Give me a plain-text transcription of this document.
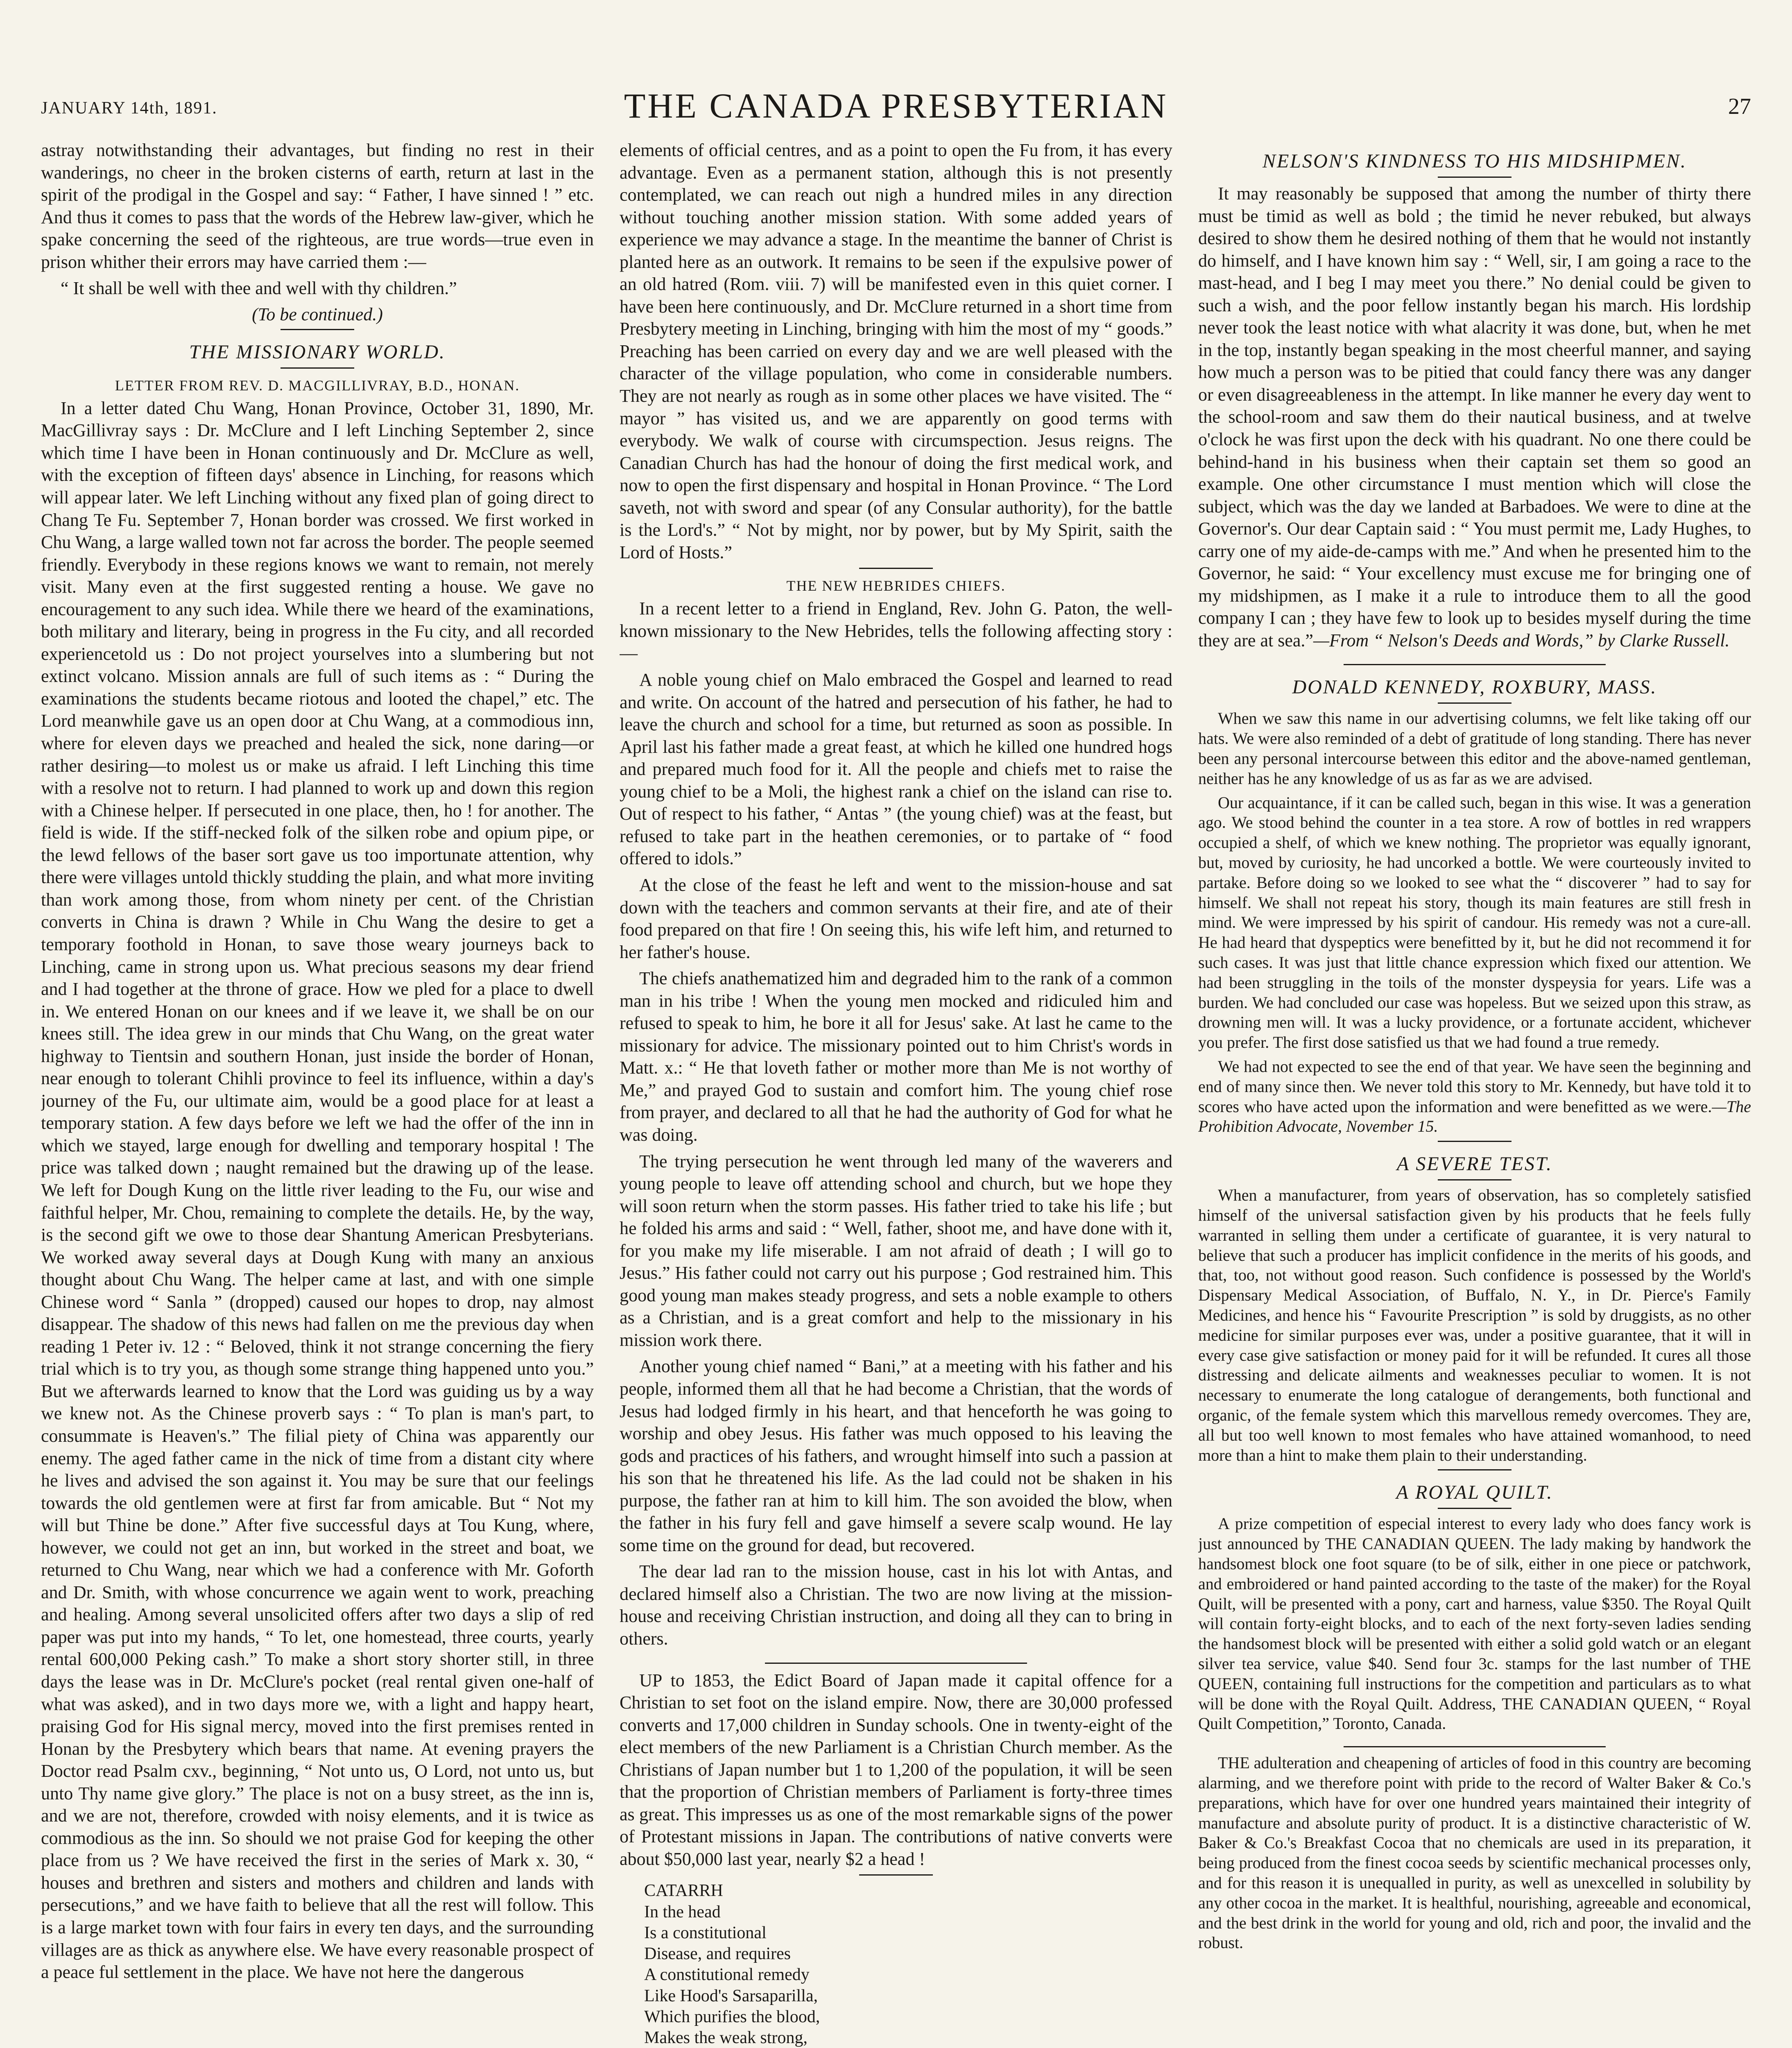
JANUARY 14th, 1891.	THE CANADA PRESBYTERIAN	27

astray notwithstanding their advantages, but finding no rest in their wanderings, no cheer in the broken cisterns of earth, return at last in the spirit of the prodigal in the Gospel and say: “ Father, I have sinned ! ” etc. And thus it comes to pass that the words of the Hebrew law-giver, which he spake concerning the seed of the righteous, are true words—true even in prison whither their errors may have carried them :—

“ It shall be well with thee and well with thy children.”

(To be continued.)
THE MISSIONARY WORLD.
LETTER FROM REV. D. MACGILLIVRAY, B.D., HONAN.

In a letter dated Chu Wang, Honan Province, October 31, 1890, Mr. MacGillivray says : Dr. McClure and I left Linching September 2, since which time I have been in Honan continuously and Dr. McClure as well, with the exception of fifteen days' absence in Linching, for reasons which will appear later. We left Linching without any fixed plan of going direct to Chang Te Fu. September 7, Honan border was crossed. We first worked in Chu Wang, a large walled town not far across the border. The people seemed friendly. Everybody in these regions knows we want to remain, not merely visit. Many even at the first suggested renting a house. We gave no encouragement to any such idea. While there we heard of the examinations, both military and literary, being in progress in the Fu city, and all recorded experiencetold us : Do not project yourselves into a slumbering but not extinct volcano. Mission annals are full of such items as : “ During the examinations the students became riotous and looted the chapel,” etc. The Lord meanwhile gave us an open door at Chu Wang, at a commodious inn, where for eleven days we preached and healed the sick, none daring—or rather desiring—to molest us or make us afraid. I left Linching this time with a resolve not to return. I had planned to work up and down this region with a Chinese helper. If persecuted in one place, then, ho ! for another. The field is wide. If the stiff-necked folk of the silken robe and opium pipe, or the lewd fellows of the baser sort gave us too importunate attention, why there were villages untold thickly studding the plain, and what more inviting than work among those, from whom ninety per cent. of the Christian converts in China is drawn ? While in Chu Wang the desire to get a temporary foothold in Honan, to save those weary journeys back to Linching, came in strong upon us. What precious seasons my dear friend and I had together at the throne of grace. How we pled for a place to dwell in. We entered Honan on our knees and if we leave it, we shall be on our knees still. The idea grew in our minds that Chu Wang, on the great water highway to Tientsin and southern Honan, just inside the border of Honan, near enough to tolerant Chihli province to feel its influence, within a day's journey of the Fu, our ultimate aim, would be a good place for at least a temporary station. A few days before we left we had the offer of the inn in which we stayed, large enough for dwelling and temporary hospital ! The price was talked down ; naught remained but the drawing up of the lease. We left for Dough Kung on the little river leading to the Fu, our wise and faithful helper, Mr. Chou, remaining to complete the details. He, by the way, is the second gift we owe to those dear Shantung American Presbyterians. We worked away several days at Dough Kung with many an anxious thought about Chu Wang. The helper came at last, and with one simple Chinese word “ Sanla ” (dropped) caused our hopes to drop, nay almost disappear. The shadow of this news had fallen on me the previous day when reading 1 Peter iv. 12 : “ Beloved, think it not strange concerning the fiery trial which is to try you, as though some strange thing happened unto you.” But we afterwards learned to know that the Lord was guiding us by a way we knew not. As the Chinese proverb says : “ To plan is man's part, to consummate is Heaven's.” The filial piety of China was apparently our enemy. The aged father came in the nick of time from a distant city where he lives and advised the son against it. You may be sure that our feelings towards the old gentlemen were at first far from amicable. But “ Not my will but Thine be done.” After five successful days at Tou Kung, where, however, we could not get an inn, but worked in the street and boat, we returned to Chu Wang, near which we had a conference with Mr. Goforth and Dr. Smith, with whose concurrence we again went to work, preaching and healing. Among several unsolicited offers after two days a slip of red paper was put into my hands, “ To let, one homestead, three courts, yearly rental 600,000 Peking cash.” To make a short story shorter still, in three days the lease was in Dr. McClure's pocket (real rental given one-half of what was asked), and in two days more we, with a light and happy heart, praising God for His signal mercy, moved into the first premises rented in Honan by the Presbytery which bears that name. At evening prayers the Doctor read Psalm cxv., beginning, “ Not unto us, O Lord, not unto us, but unto Thy name give glory.” The place is not on a busy street, as the inn is, and we are not, therefore, crowded with noisy elements, and it is twice as commodious as the inn. So should we not praise God for keeping the other place from us ? We have received the first in the series of Mark x. 30, “ houses and brethren and sisters and mothers and children and lands with persecutions,” and we have faith to believe that all the rest will follow. This is a large market town with four fairs in every ten days, and the surrounding villages are as thick as anywhere else. We have every reasonable prospect of a peace ful settlement in the place. We have not here the dangerous

elements of official centres, and as a point to open the Fu from, it has every advantage. Even as a permanent station, although this is not presently contemplated, we can reach out nigh a hundred miles in any direction without touching another mission station. With some added years of experience we may advance a stage. In the meantime the banner of Christ is planted here as an outwork. It remains to be seen if the expulsive power of an old hatred (Rom. viii. 7) will be manifested even in this quiet corner. I have been here continuously, and Dr. McClure returned in a short time from Presbytery meeting in Linching, bringing with him the most of my “ goods.” Preaching has been carried on every day and we are well pleased with the character of the village population, who come in considerable numbers. They are not nearly as rough as in some other places we have visited. The “ mayor ” has visited us, and we are apparently on good terms with everybody. We walk of course with circumspection. Jesus reigns. The Canadian Church has had the honour of doing the first medical work, and now to open the first dispensary and hospital in Honan Province. “ The Lord saveth, not with sword and spear (of any Consular authority), for the battle is the Lord's.” “ Not by might, nor by power, but by My Spirit, saith the Lord of Hosts.”

THE NEW HEBRIDES CHIEFS.

In a recent letter to a friend in England, Rev. John G. Paton, the well-known missionary to the New Hebrides, tells the following affecting story :—

A noble young chief on Malo embraced the Gospel and learned to read and write. On account of the hatred and persecution of his father, he had to leave the church and school for a time, but returned as soon as possible. In April last his father made a great feast, at which he killed one hundred hogs and prepared much food for it. All the people and chiefs met to raise the young chief to be a Moli, the highest rank a chief on the island can rise to. Out of respect to his father, “ Antas ” (the young chief) was at the feast, but refused to take part in the heathen ceremonies, or to partake of “ food offered to idols.”

At the close of the feast he left and went to the mission-house and sat down with the teachers and common servants at their fire, and ate of their food prepared on that fire ! On seeing this, his wife left him, and returned to her father's house.

The chiefs anathematized him and degraded him to the rank of a common man in his tribe ! When the young men mocked and ridiculed him and refused to speak to him, he bore it all for Jesus' sake. At last he came to the missionary for advice. The missionary pointed out to him Christ's words in Matt. x.: “ He that loveth father or mother more than Me is not worthy of Me,” and prayed God to sustain and comfort him. The young chief rose from prayer, and declared to all that he had the authority of God for what he was doing.

The trying persecution he went through led many of the waverers and young people to leave off attending school and church, but we hope they will soon return when the storm passes. His father tried to take his life ; but he folded his arms and said : “ Well, father, shoot me, and have done with it, for you make my life miserable. I am not afraid of death ; I will go to Jesus.” His father could not carry out his purpose ; God restrained him. This good young man makes steady progress, and sets a noble example to others as a Christian, and is a great comfort and help to the missionary in his mission work there.

Another young chief named “ Bani,” at a meeting with his father and his people, informed them all that he had become a Christian, that the words of Jesus had lodged firmly in his heart, and that henceforth he was going to worship and obey Jesus. His father was much opposed to his leaving the gods and practices of his fathers, and wrought himself into such a passion at his son that he threatened his life. As the lad could not be shaken in his purpose, the father ran at him to kill him. The son avoided the blow, when the father in his fury fell and gave himself a severe scalp wound. He lay some time on the ground for dead, but recovered.

The dear lad ran to the mission house, cast in his lot with Antas, and declared himself also a Christian. The two are now living at the mission-house and receiving Christian instruction, and doing all they can to bring in others.

UP to 1853, the Edict Board of Japan made it capital offence for a Christian to set foot on the island empire. Now, there are 30,000 professed converts and 17,000 children in Sunday schools. One in twenty-eight of the elect members of the new Parliament is a Christian Church member. As the Christians of Japan number but 1 to 1,200 of the population, it will be seen that the proportion of Christian members of Parliament is forty-three times as great. This impresses us as one of the most remarkable signs of the power of Protestant missions in Japan. The contributions of native converts were about $50,000 last year, nearly $2 a head !

CATARRH

In the head

Is a constitutional

Disease, and requires

A constitutional remedy

Like Hood's Sarsaparilla,

Which purifies the blood,

Makes the weak strong,

NELSON'S KINDNESS TO HIS MIDSHIPMEN.

It may reasonably be supposed that among the number of thirty there must be timid as well as bold ; the timid he never rebuked, but always desired to show them he desired nothing of them that he would not instantly do himself, and I have known him say : “ Well, sir, I am going a race to the mast-head, and I beg I may meet you there.” No denial could be given to such a wish, and the poor fellow instantly began his march. His lordship never took the least notice with what alacrity it was done, but, when he met in the top, instantly began speaking in the most cheerful manner, and saying how much a person was to be pitied that could fancy there was any danger or even disagreeableness in the attempt. In like manner he every day went to the school-room and saw them do their nautical business, and at twelve o'clock he was first upon the deck with his quadrant. No one there could be behind-hand in his business when their captain set them so good an example. One other circumstance I must mention which will close the subject, which was the day we landed at Barbadoes. We were to dine at the Governor's. Our dear Captain said : “ You must permit me, Lady Hughes, to carry one of my aide-de-camps with me.” And when he presented him to the Governor, he said: “ Your excellency must excuse me for bringing one of my midshipmen, as I make it a rule to introduce them to all the good company I can ; they have few to look up to besides myself during the time they are at sea.”—From “ Nelson's Deeds and Words,” by Clarke Russell.

DONALD KENNEDY, ROXBURY, MASS.

When we saw this name in our advertising columns, we felt like taking off our hats. We were also reminded of a debt of gratitude of long standing. There has never been any personal intercourse between this editor and the above-named gentleman, neither has he any knowledge of us as far as we are advised.

Our acquaintance, if it can be called such, began in this wise. It was a generation ago. We stood behind the counter in a tea store. A row of bottles in red wrappers occupied a shelf, of which we knew nothing. The proprietor was equally ignorant, but, moved by curiosity, he had uncorked a bottle. We were courteously invited to partake. Before doing so we looked to see what the “ discoverer ” had to say for himself. We shall not repeat his story, though its main features are still fresh in mind. We were impressed by his spirit of candour. His remedy was not a cure-all. He had heard that dyspeptics were benefitted by it, but he did not recommend it for such cases. It was just that little chance expression which fixed our attention. We had been struggling in the toils of the monster dyspeysia for years. Life was a burden. We had concluded our case was hopeless. But we seized upon this straw, as drowning men will. It was a lucky providence, or a fortunate accident, whichever you prefer. The first dose satisfied us that we had found a true remedy.

We had not expected to see the end of that year. We have seen the beginning and end of many since then. We never told this story to Mr. Kennedy, but have told it to scores who have acted upon the information and were benefitted as we were.—The Prohibition Advocate, November 15.

A SEVERE TEST.

When a manufacturer, from years of observation, has so completely satisfied himself of the universal satisfaction given by his products that he feels fully warranted in selling them under a certificate of guarantee, it is very natural to believe that such a producer has implicit confidence in the merits of his goods, and that, too, not without good reason. Such confidence is possessed by the World's Dispensary Medical Association, of Buffalo, N. Y., in Dr. Pierce's Family Medicines, and hence his “ Favourite Prescription ” is sold by druggists, as no other medicine for similar purposes ever was, under a positive guarantee, that it will in every case give satisfaction or money paid for it will be refunded. It cures all those distressing and delicate ailments and weaknesses peculiar to women. It is not necessary to enumerate the long catalogue of derangements, both functional and organic, of the female system which this marvellous remedy overcomes. They are, all but too well known to most females who have attained womanhood, to need more than a hint to make them plain to their understanding.

A ROYAL QUILT.

A prize competition of especial interest to every lady who does fancy work is just announced by THE CANADIAN QUEEN. The lady making by handwork the handsomest block one foot square (to be of silk, either in one piece or patchwork, and embroidered or hand painted according to the taste of the maker) for the Royal Quilt, will be presented with a pony, cart and harness, value $350. The Royal Quilt will contain forty-eight blocks, and to each of the next forty-seven ladies sending the handsomest block will be presented with either a solid gold watch or an elegant silver tea service, value $40. Send four 3c. stamps for the last number of THE QUEEN, containing full instructions for the competition and particulars as to what will be done with the Royal Quilt. Address, THE CANADIAN QUEEN, “ Royal Quilt Competition,” Toronto, Canada.

THE adulteration and cheapening of articles of food in this country are becoming alarming, and we therefore point with pride to the record of Walter Baker & Co.'s preparations, which have for over one hundred years maintained their integrity of manufacture and absolute purity of product. It is a distinctive characteristic of W. Baker & Co.'s Breakfast Cocoa that no chemicals are used in its preparation, it being produced from the finest cocoa seeds by scientific mechanical processes only, and for this reason it is unequalled in purity, as well as unexcelled in solubility by any other cocoa in the market. It is healthful, nourishing, agreeable and economical, and the best drink in the world for young and old, rich and poor, the invalid and the robust.
